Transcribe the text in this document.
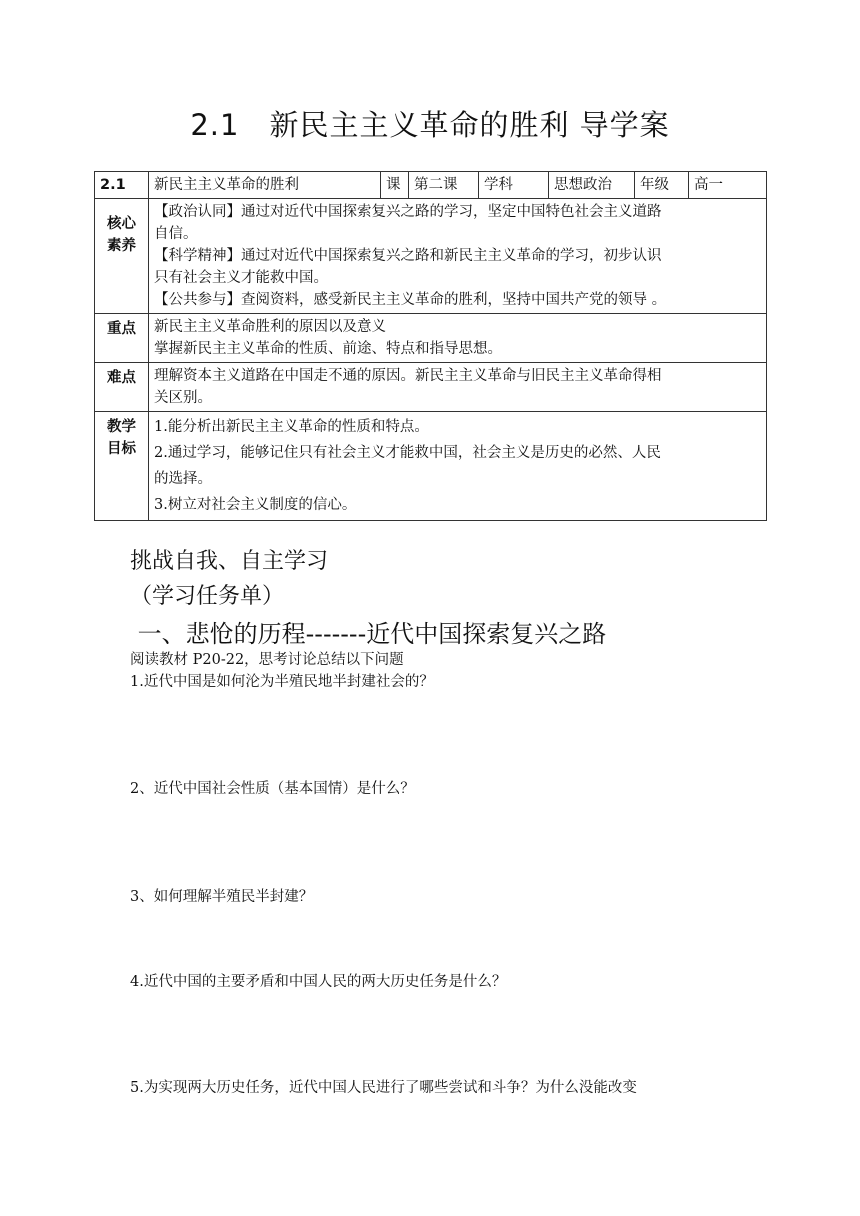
2.1　新民主主义革命的胜利 导学案
2.1	新民主主义革命的胜利	课	第二课	学科	思想政治	年级	高一

核心
素养	【政治认同】通过对近代中国探索复兴之路的学习，坚定中国特色社会主义道路
自信。
【科学精神】通过对近代中国探索复兴之路和新民主主义革命的学习，初步认识
只有社会主义才能救中国。
【公共参与】查阅资料，感受新民主主义革命的胜利，坚持中国共产党的领导 。						

重点	新民主主义革命胜利的原因以及意义
掌握新民主主义革命的性质、前途、特点和指导思想。						

难点	理解资本主义道路在中国走不通的原因。新民主主义革命与旧民主主义革命得相
关区别。						

教学
目标	1.能分析出新民主主义革命的性质和特点。
2.通过学习，能够记住只有社会主义才能救中国，社会主义是历史的必然、人民
的选择。
3.树立对社会主义制度的信心。						
挑战自我、自主学习
（学习任务单）
一、悲怆的历程-------近代中国探索复兴之路
阅读教材 P20-22，思考讨论总结以下问题
1.近代中国是如何沦为半殖民地半封建社会的？
2、近代中国社会性质（基本国情）是什么？
3、如何理解半殖民半封建？
4.近代中国的主要矛盾和中国人民的两大历史任务是什么？
5.为实现两大历史任务，近代中国人民进行了哪些尝试和斗争？为什么没能改变
